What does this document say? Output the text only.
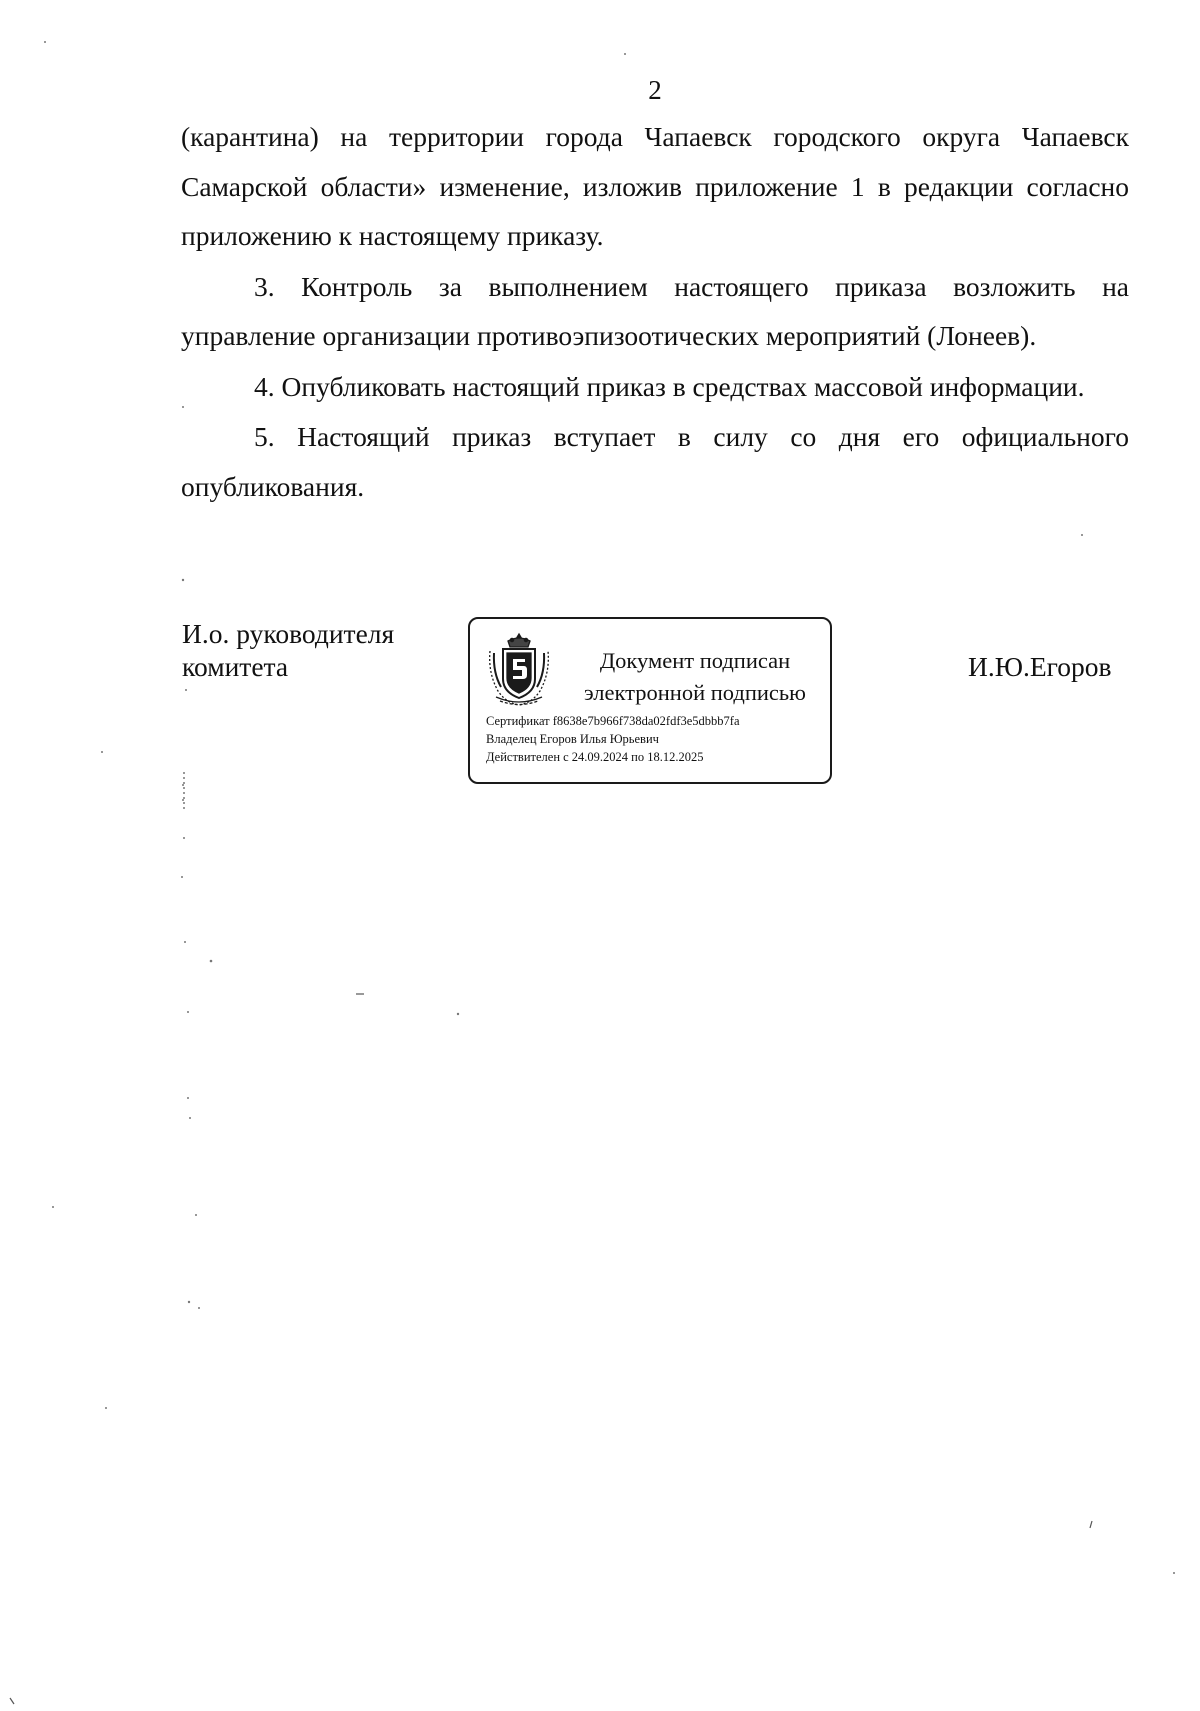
2

(карантина) на территории города Чапаевск городского округа Чапаевск Самарской области» изменение, изложив приложение 1 в редакции согласно приложению к настоящему приказу.

3. Контроль за выполнением настоящего приказа возложить на управление организации противоэпизоотических мероприятий (Лонеев).

4. Опубликовать настоящий приказ в средствах массовой информации.

5. Настоящий приказ вступает в силу со дня его официального опубликования.

И.о. руководителя
комитета	Документ подписан
электронной подписью
Сертификат f8638e7b966f738da02fdf3e5dbbb7fa
Владелец Егоров Илья Юрьевич
Действителен с 24.09.2024 по 18.12.2025
И.Ю.Егоров
